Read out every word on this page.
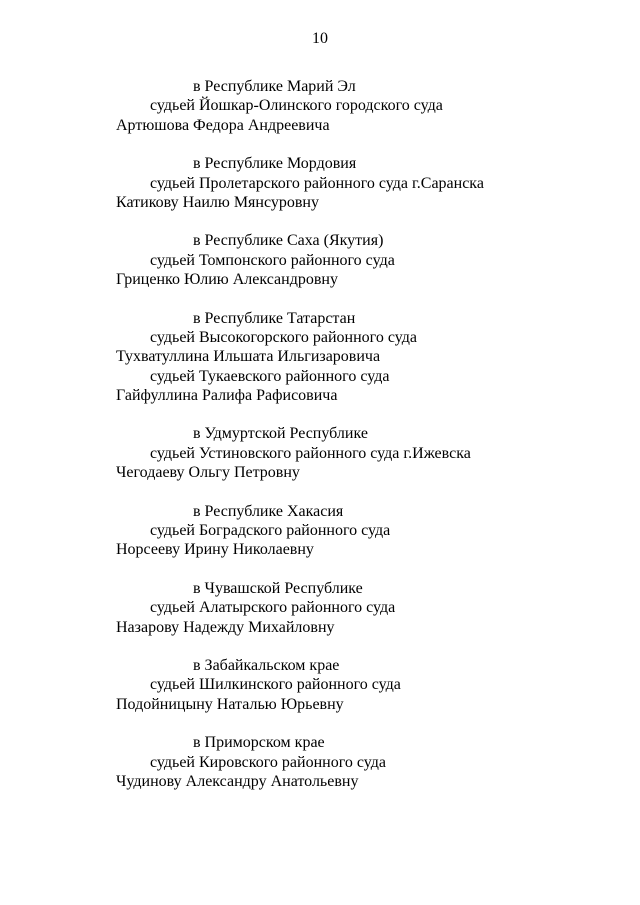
10
в Республике Марий Эл
судьей Йошкар-Олинского городского суда
Артюшова Федора Андреевича
в Республике Мордовия
судьей Пролетарского районного суда г.Саранска
Катикову Наилю Мянсуровну
в Республике Саха (Якутия)
судьей Томпонского районного суда
Гриценко Юлию Александровну
в Республике Татарстан
судьей Высокогорского районного суда
Тухватуллина Ильшата Ильгизаровича
судьей Тукаевского районного суда
Гайфуллина Ралифа Рафисовича
в Удмуртской Республике
судьей Устиновского районного суда г.Ижевска
Чегодаеву Ольгу Петровну
в Республике Хакасия
судьей Боградского районного суда
Норсееву Ирину Николаевну
в Чувашской Республике
судьей Алатырского районного суда
Назарову Надежду Михайловну
в Забайкальском крае
судьей Шилкинского районного суда
Подойницыну Наталью Юрьевну
в Приморском крае
судьей Кировского районного суда
Чудинову Александру Анатольевну
